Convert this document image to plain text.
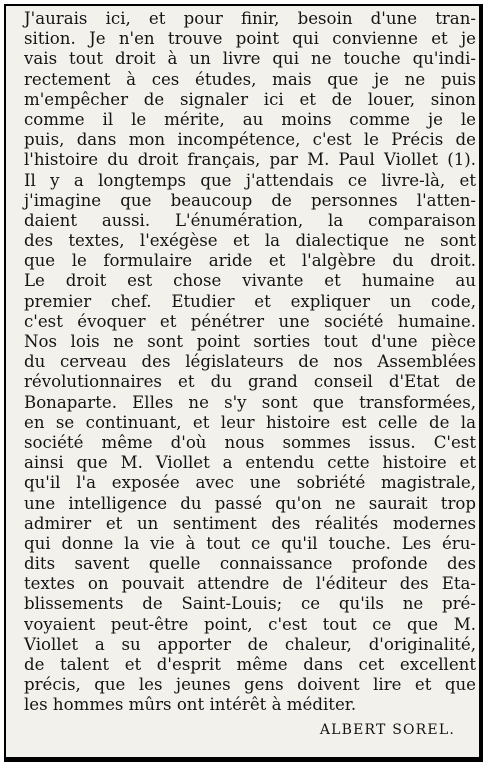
J'aurais ici, et pour finir, besoin d'une tran-
sition. Je n'en trouve point qui convienne et je
vais tout droit à un livre qui ne touche qu'indi-
rectement à ces études, mais que je ne puis
m'empêcher de signaler ici et de louer, sinon
comme il le mérite, au moins comme je le
puis, dans mon incompétence, c'est le Précis de
l'histoire du droit français, par M. Paul Viollet (1).
Il y a longtemps que j'attendais ce livre-là, et
j'imagine que beaucoup de personnes l'atten-
daient aussi. L'énumération, la comparaison
des textes, l'exégèse et la dialectique ne sont
que le formulaire aride et l'algèbre du droit.
Le droit est chose vivante et humaine au
premier chef. Etudier et expliquer un code,
c'est évoquer et pénétrer une société humaine.
Nos lois ne sont point sorties tout d'une pièce
du cerveau des législateurs de nos Assemblées
révolutionnaires et du grand conseil d'Etat de
Bonaparte. Elles ne s'y sont que transformées,
en se continuant, et leur histoire est celle de la
société même d'où nous sommes issus. C'est
ainsi que M. Viollet a entendu cette histoire et
qu'il l'a exposée avec une sobriété magistrale,
une intelligence du passé qu'on ne saurait trop
admirer et un sentiment des réalités modernes
qui donne la vie à tout ce qu'il touche. Les éru-
dits savent quelle connaissance profonde des
textes on pouvait attendre de l'éditeur des Eta-
blissements de Saint-Louis; ce qu'ils ne pré-
voyaient peut-être point, c'est tout ce que M.
Viollet a su apporter de chaleur, d'originalité,
de talent et d'esprit même dans cet excellent
précis, que les jeunes gens doivent lire et que
les hommes mûrs ont intérêt à méditer.
ALBERT SOREL.
